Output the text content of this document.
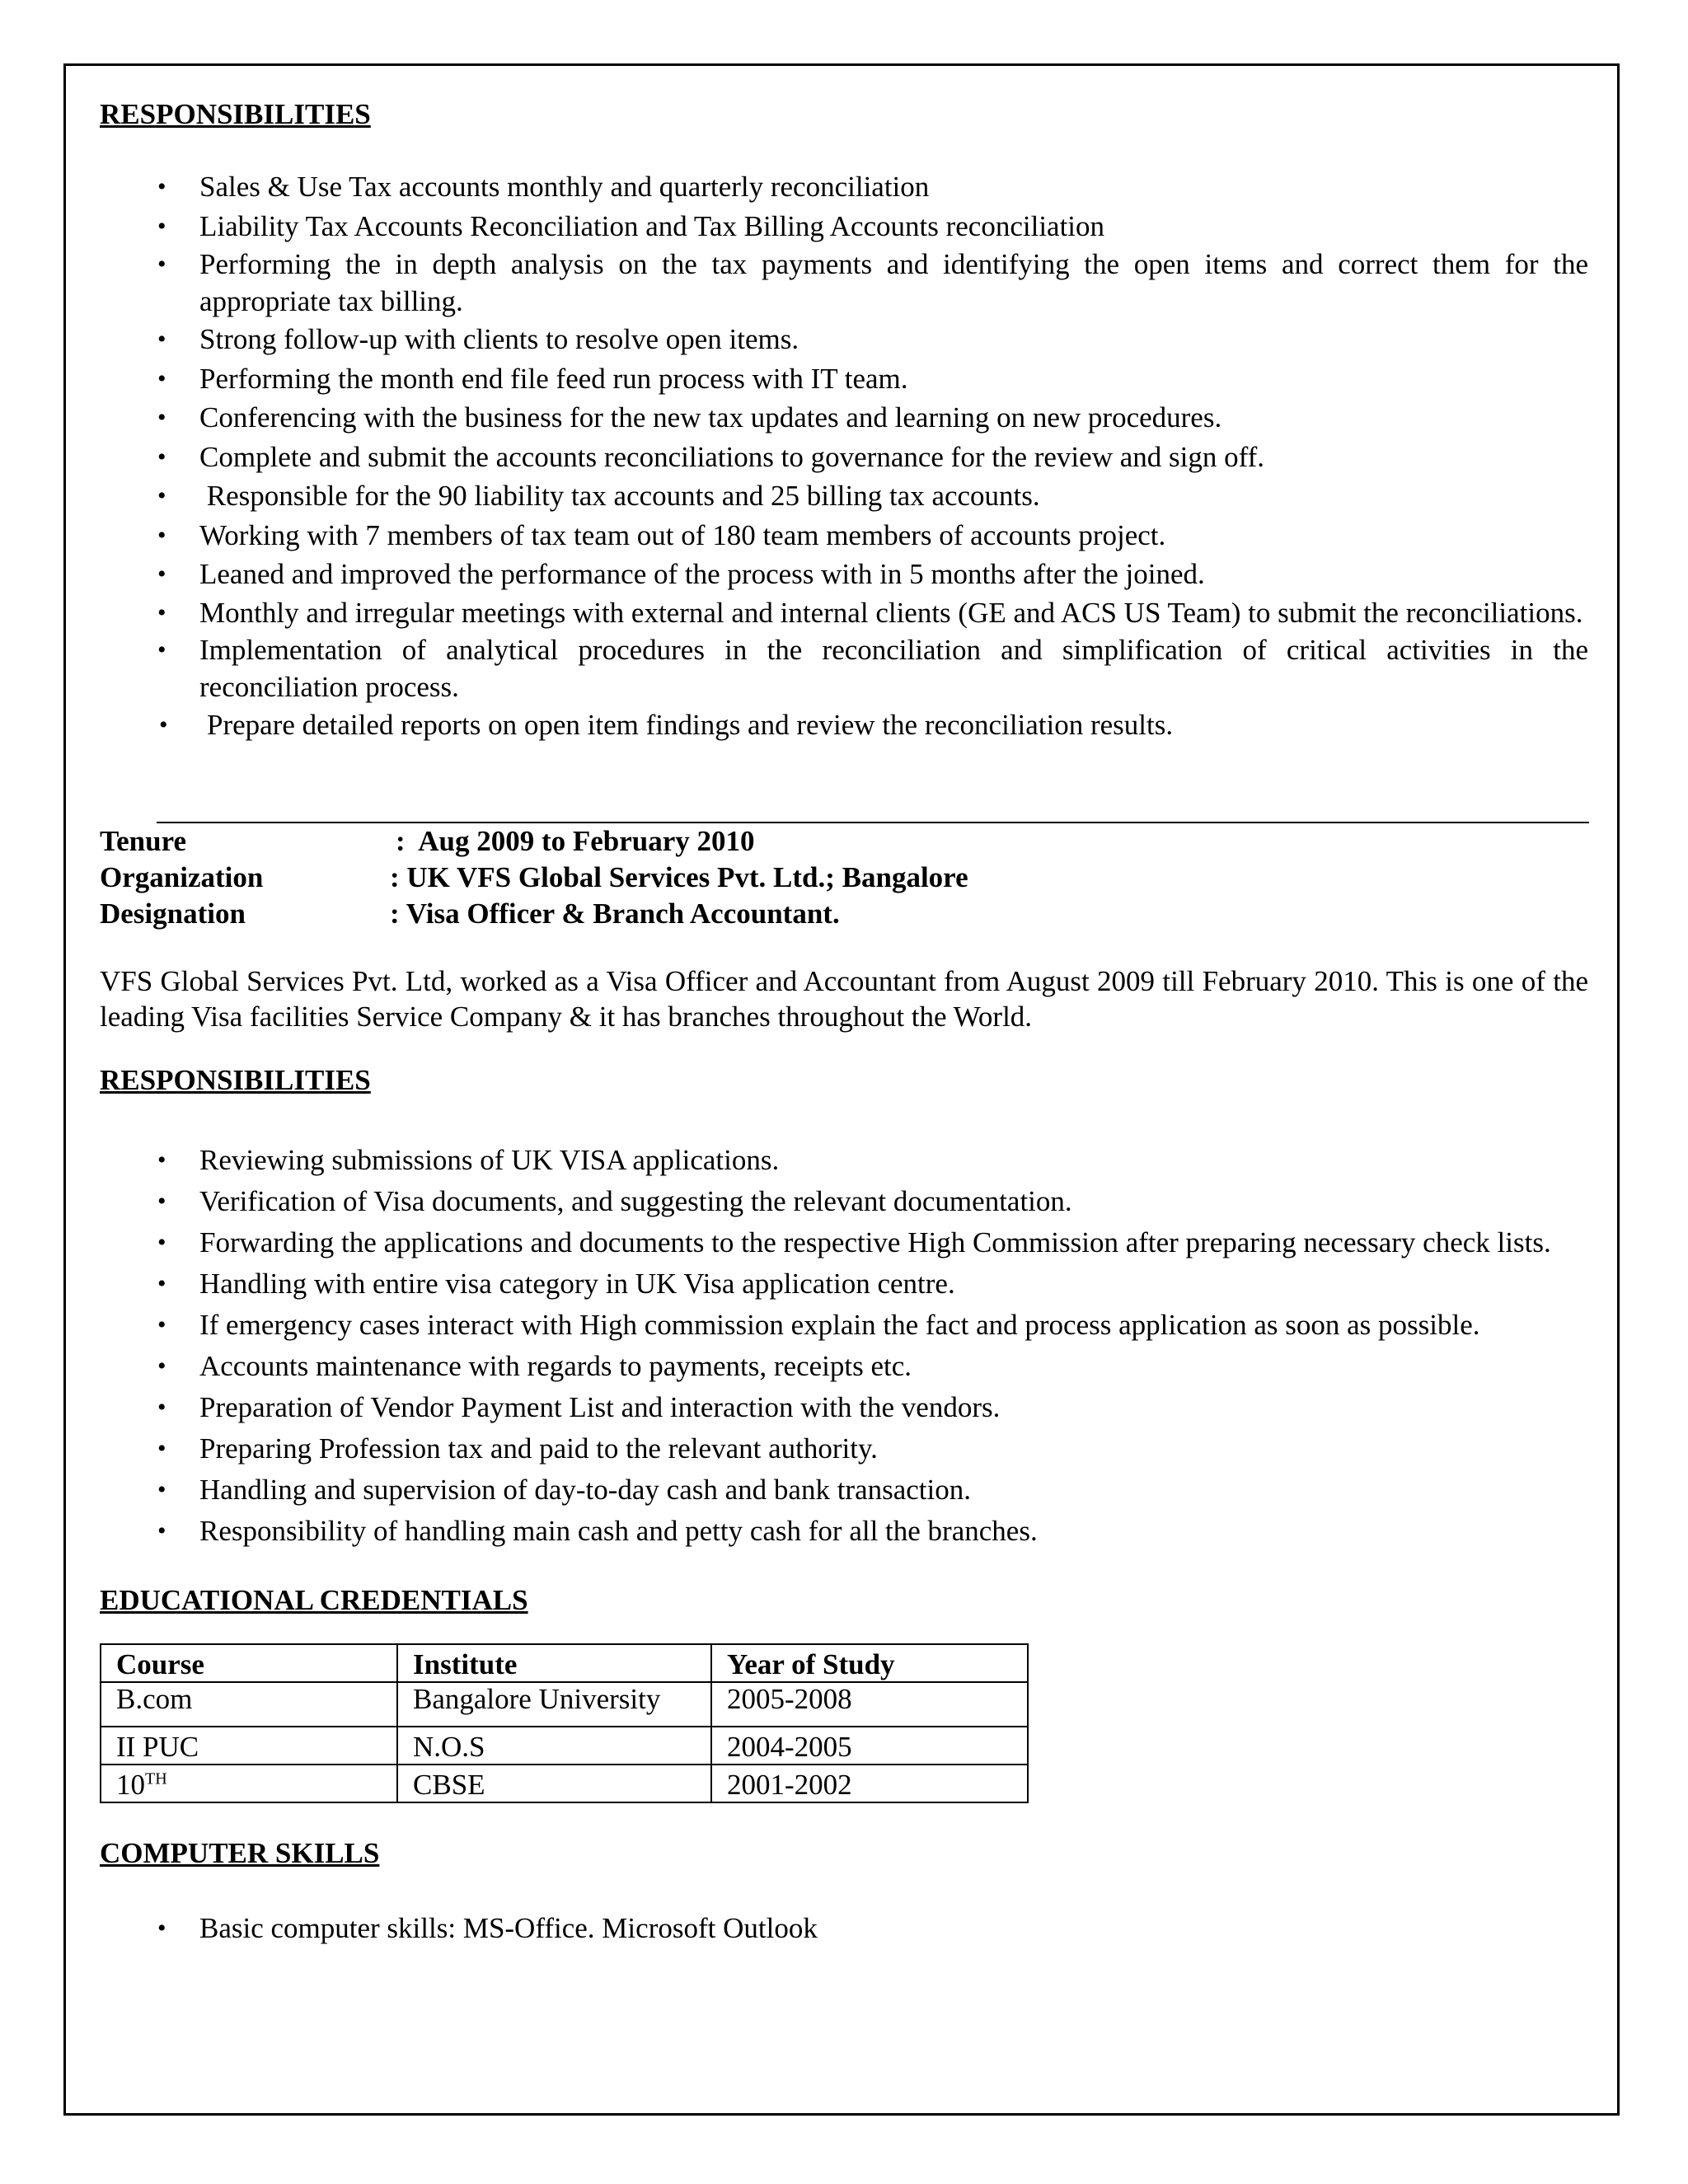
RESPONSIBILITIES
• Sales & Use Tax accounts monthly and quarterly reconciliation
• Liability Tax Accounts Reconciliation and Tax Billing Accounts reconciliation
• Performing the in depth analysis on the tax payments and identifying the open items and correct them for the appropriate tax billing.
• Strong follow-up with clients to resolve open items.
• Performing the month end file feed run process with IT team.
• Conferencing with the business for the new tax updates and learning on new procedures.
• Complete and submit the accounts reconciliations to governance for the review and sign off.
• Responsible for the 90 liability tax accounts and 25 billing tax accounts.
• Working with 7 members of tax team out of 180 team members of accounts project.
• Leaned and improved the performance of the process with in 5 months after the joined.
• Monthly and irregular meetings with external and internal clients (GE and ACS US Team) to submit the reconciliations.
• Implementation of analytical procedures in the reconciliation and simplification of critical activities in the reconciliation process.
• Prepare detailed reports on open item findings and review the reconciliation results.
Tenure	:  Aug 2009 to February 2010
Organization	: UK VFS Global Services Pvt. Ltd.; Bangalore
Designation	: Visa Officer & Branch Accountant.
VFS Global Services Pvt. Ltd, worked as a Visa Officer and Accountant from August 2009 till February 2010. This is one of the leading Visa facilities Service Company & it has branches throughout the World.
RESPONSIBILITIES
• Reviewing submissions of UK VISA applications.
• Verification of Visa documents, and suggesting the relevant documentation.
• Forwarding the applications and documents to the respective High Commission after preparing necessary check lists.
• Handling with entire visa category in UK Visa application centre.
• If emergency cases interact with High commission explain the fact and process application as soon as possible.
• Accounts maintenance with regards to payments, receipts etc.
• Preparation of Vendor Payment List and interaction with the vendors.
• Preparing Profession tax and paid to the relevant authority.
• Handling and supervision of day-to-day cash and bank transaction.
• Responsibility of handling main cash and petty cash for all the branches.
EDUCATIONAL CREDENTIALS
Course	Institute	Year of Study
B.com	Bangalore University	2005-2008
II PUC	N.O.S	2004-2005
10TH	CBSE	2001-2002
COMPUTER SKILLS
• Basic computer skills: MS-Office. Microsoft Outlook
